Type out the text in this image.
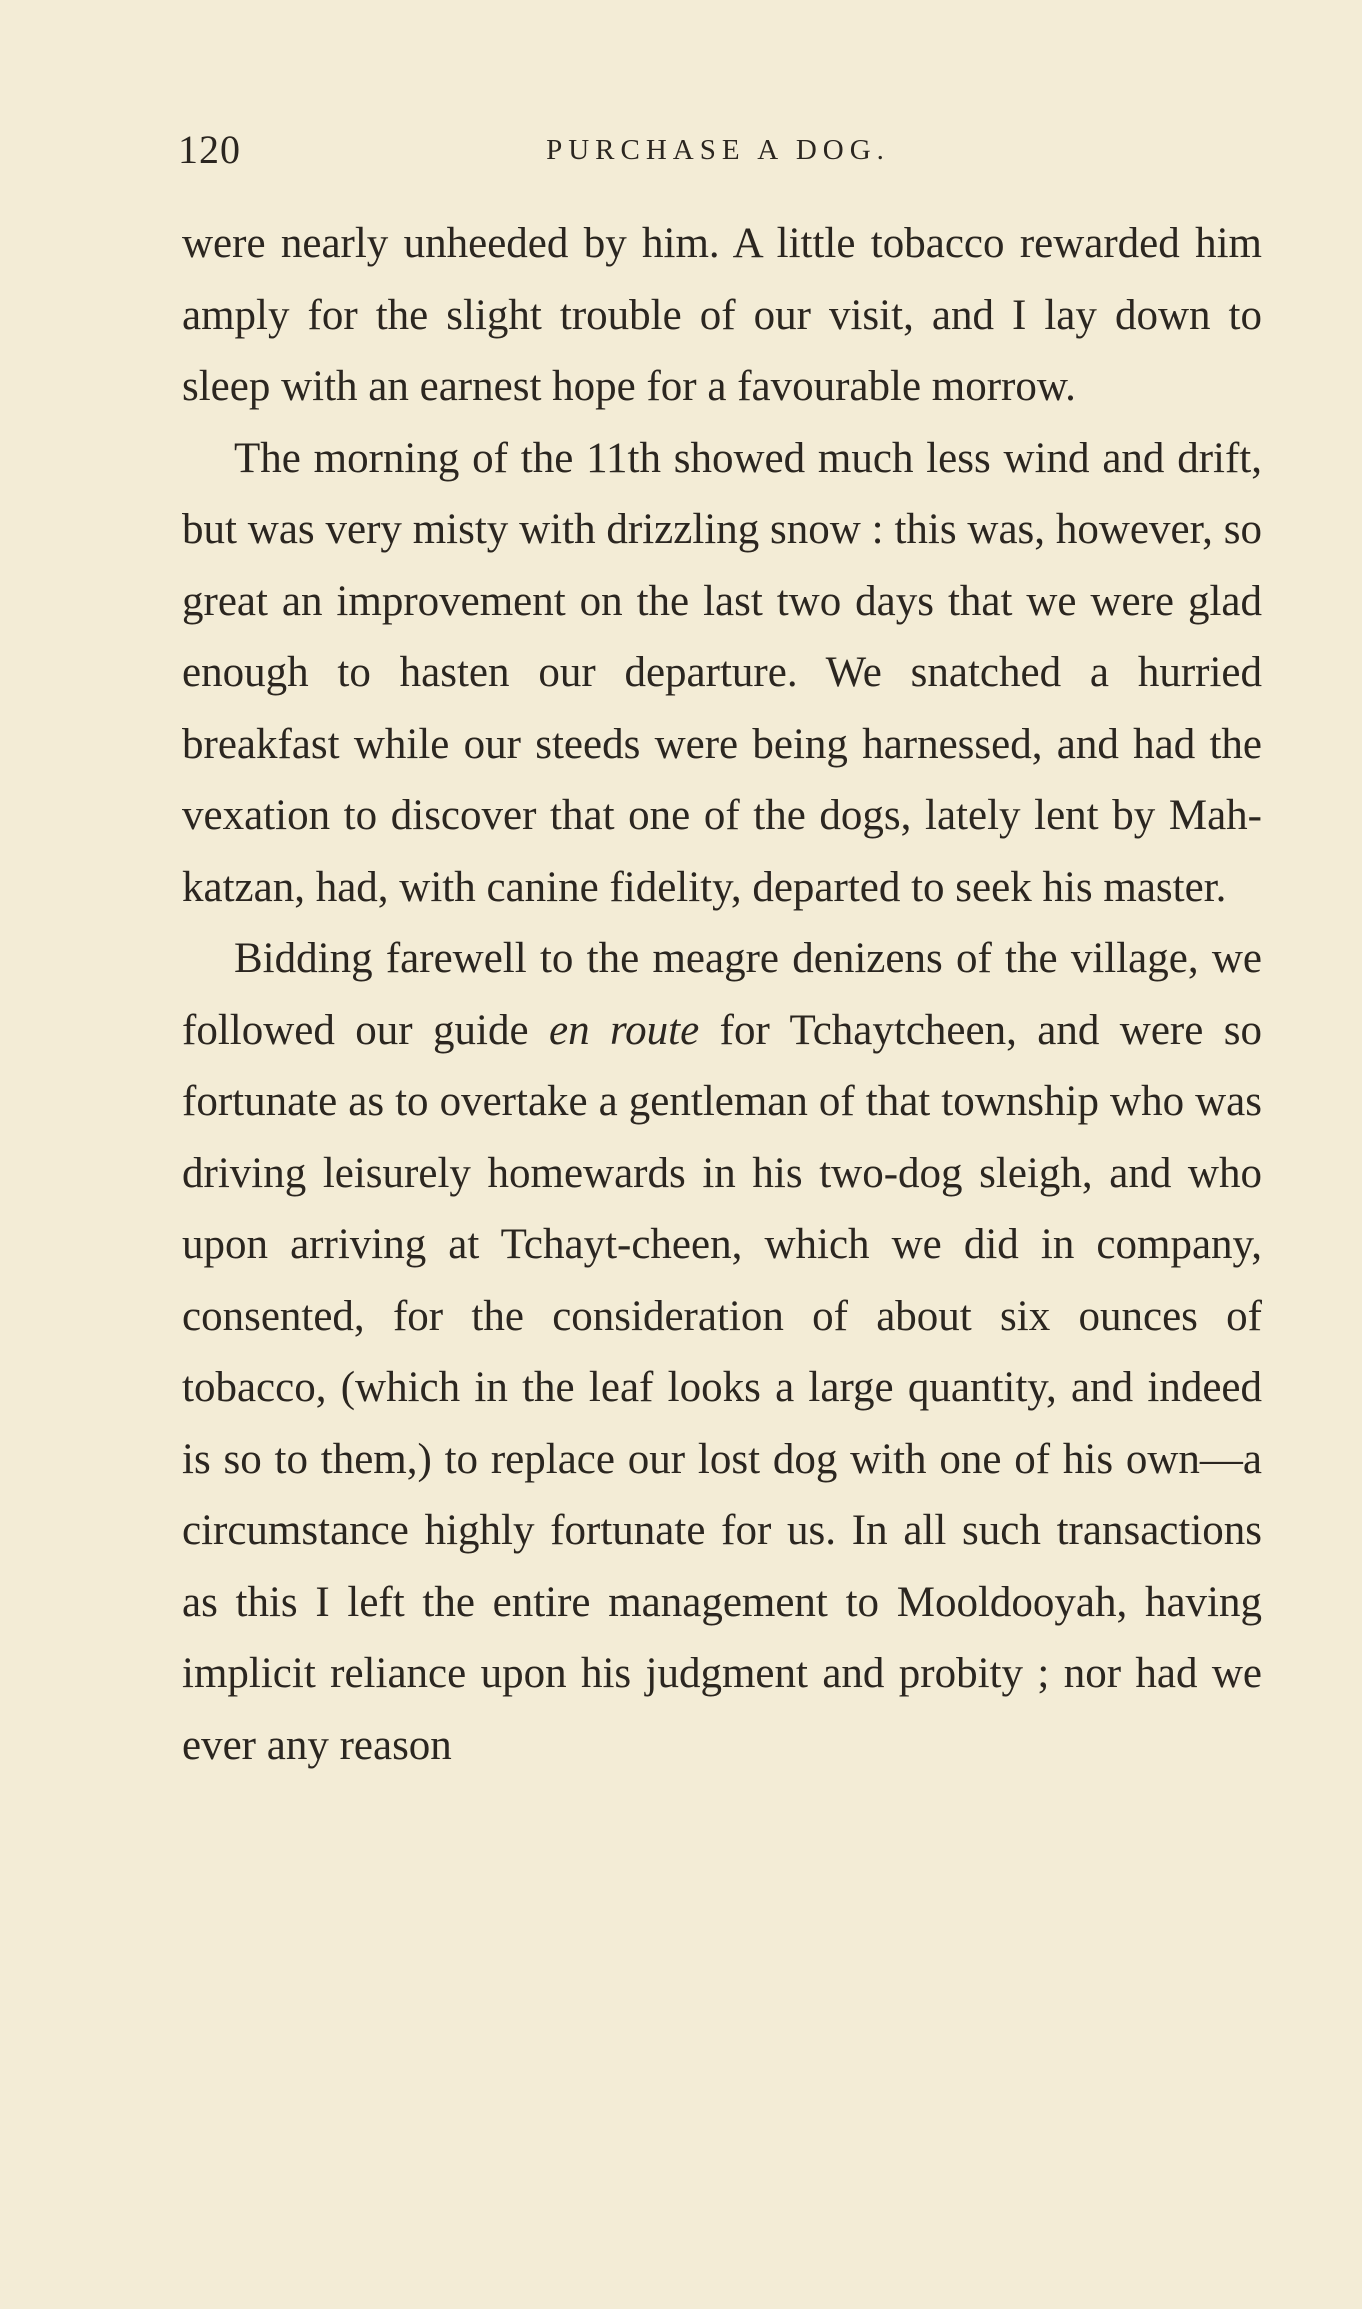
120	PURCHASE A DOG.

were nearly unheeded by him. A little tobacco rewarded him amply for the slight trouble of our visit, and I lay down to sleep with an earnest hope for a favourable morrow.

The morning of the 11th showed much less wind and drift, but was very misty with drizzling snow : this was, however, so great an improvement on the last two days that we were glad enough to hasten our departure. We snatched a hurried breakfast while our steeds were being harnessed, and had the vexation to discover that one of the dogs, lately lent by Mah-katzan, had, with canine fidelity, departed to seek his master.

Bidding farewell to the meagre denizens of the village, we followed our guide en route for Tchaytcheen, and were so fortunate as to overtake a gentleman of that township who was driving leisurely homewards in his two-dog sleigh, and who upon arriving at Tchayt-cheen, which we did in company, consented, for the consideration of about six ounces of tobacco, (which in the leaf looks a large quantity, and indeed is so to them,) to replace our lost dog with one of his own—a circumstance highly fortunate for us. In all such transactions as this I left the entire management to Mooldooyah, having implicit reliance upon his judgment and probity ; nor had we ever any reason
